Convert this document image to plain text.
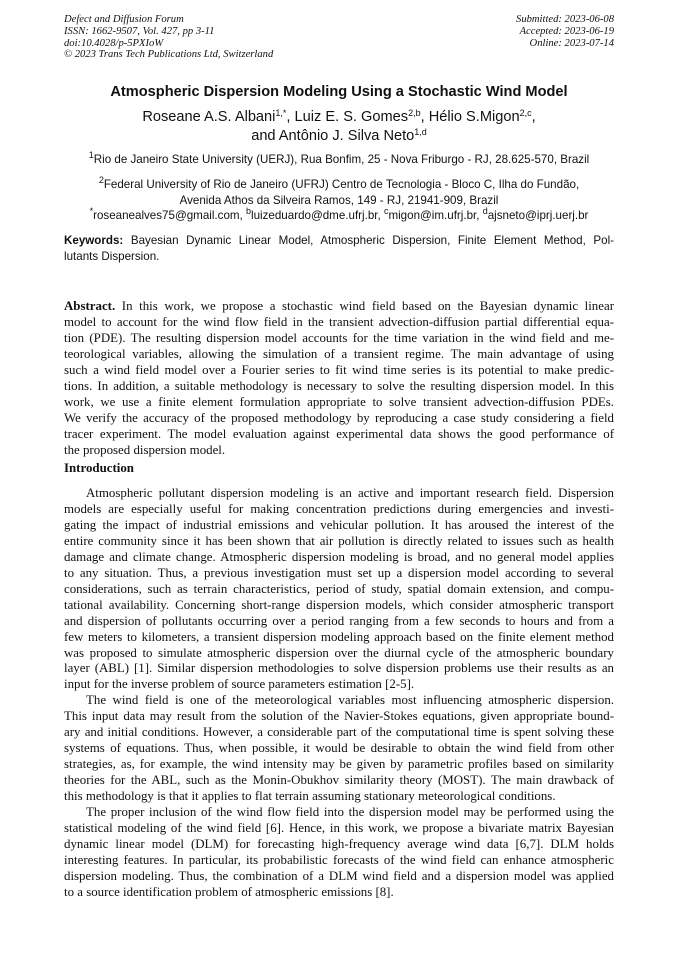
Defect and Diffusion Forum
ISSN: 1662-9507, Vol. 427, pp 3-11
doi:10.4028/p-5PXIoW
© 2023 Trans Tech Publications Ltd, Switzerland
Submitted: 2023-06-08
Accepted: 2023-06-19
Online: 2023-07-14
Atmospheric Dispersion Modeling Using a Stochastic Wind Model
Roseane A.S. Albani$^{1,*}$, Luiz E. S. Gomes$^{2,b}$, Hélio S.Migon$^{2,c}$,
and Antônio J. Silva Neto$^{1,d}$
$^1$Rio de Janeiro State University (UERJ), Rua Bonfim, 25 - Nova Friburgo - RJ, 28.625-570, Brazil
$^2$Federal University of Rio de Janeiro (UFRJ) Centro de Tecnologia - Bloco C, Ilha do Fundão,
Avenida Athos da Silveira Ramos, 149 - RJ, 21941-909, Brazil
*roseanealves75@gmail.com, $^b$luizeduardo@dme.ufrj.br, $^c$migon@im.ufrj.br, $^d$ajsneto@iprj.uerj.br
Keywords: Bayesian Dynamic Linear Model, Atmospheric Dispersion, Finite Element Method, Pol-
lutants Dispersion.
Abstract. In this work, we propose a stochastic wind field based on the Bayesian dynamic linear
model to account for the wind flow field in the transient advection-diffusion partial differential equa-
tion (PDE). The resulting dispersion model accounts for the time variation in the wind field and me-
teorological variables, allowing the simulation of a transient regime. The main advantage of using
such a wind field model over a Fourier series to fit wind time series is its potential to make predic-
tions. In addition, a suitable methodology is necessary to solve the resulting dispersion model. In this
work, we use a finite element formulation appropriate to solve transient advection-diffusion PDEs.
We verify the accuracy of the proposed methodology by reproducing a case study considering a field
tracer experiment. The model evaluation against experimental data shows the good performance of
the proposed dispersion model.
Introduction
Atmospheric pollutant dispersion modeling is an active and important research field. Dispersion
models are especially useful for making concentration predictions during emergencies and investi-
gating the impact of industrial emissions and vehicular pollution. It has aroused the interest of the
entire community since it has been shown that air pollution is directly related to issues such as health
damage and climate change. Atmospheric dispersion modeling is broad, and no general model applies
to any situation. Thus, a previous investigation must set up a dispersion model according to several
considerations, such as terrain characteristics, period of study, spatial domain extension, and compu-
tational availability. Concerning short-range dispersion models, which consider atmospheric transport
and dispersion of pollutants occurring over a period ranging from a few seconds to hours and from a
few meters to kilometers, a transient dispersion modeling approach based on the finite element method
was proposed to simulate atmospheric dispersion over the diurnal cycle of the atmospheric boundary
layer (ABL) [1]. Similar dispersion methodologies to solve dispersion problems use their results as an
input for the inverse problem of source parameters estimation [2-5].
The wind field is one of the meteorological variables most influencing atmospheric dispersion.
This input data may result from the solution of the Navier-Stokes equations, given appropriate bound-
ary and initial conditions. However, a considerable part of the computational time is spent solving these
systems of equations. Thus, when possible, it would be desirable to obtain the wind field from other
strategies, as, for example, the wind intensity may be given by parametric profiles based on similarity
theories for the ABL, such as the Monin-Obukhov similarity theory (MOST). The main drawback of
this methodology is that it applies to flat terrain assuming stationary meteorological conditions.
The proper inclusion of the wind flow field into the dispersion model may be performed using the
statistical modeling of the wind field [6]. Hence, in this work, we propose a bivariate matrix Bayesian
dynamic linear model (DLM) for forecasting high-frequency average wind data [6,7]. DLM holds
interesting features. In particular, its probabilistic forecasts of the wind field can enhance atmospheric
dispersion modeling. Thus, the combination of a DLM wind field and a dispersion model was applied
to a source identification problem of atmospheric emissions [8].
